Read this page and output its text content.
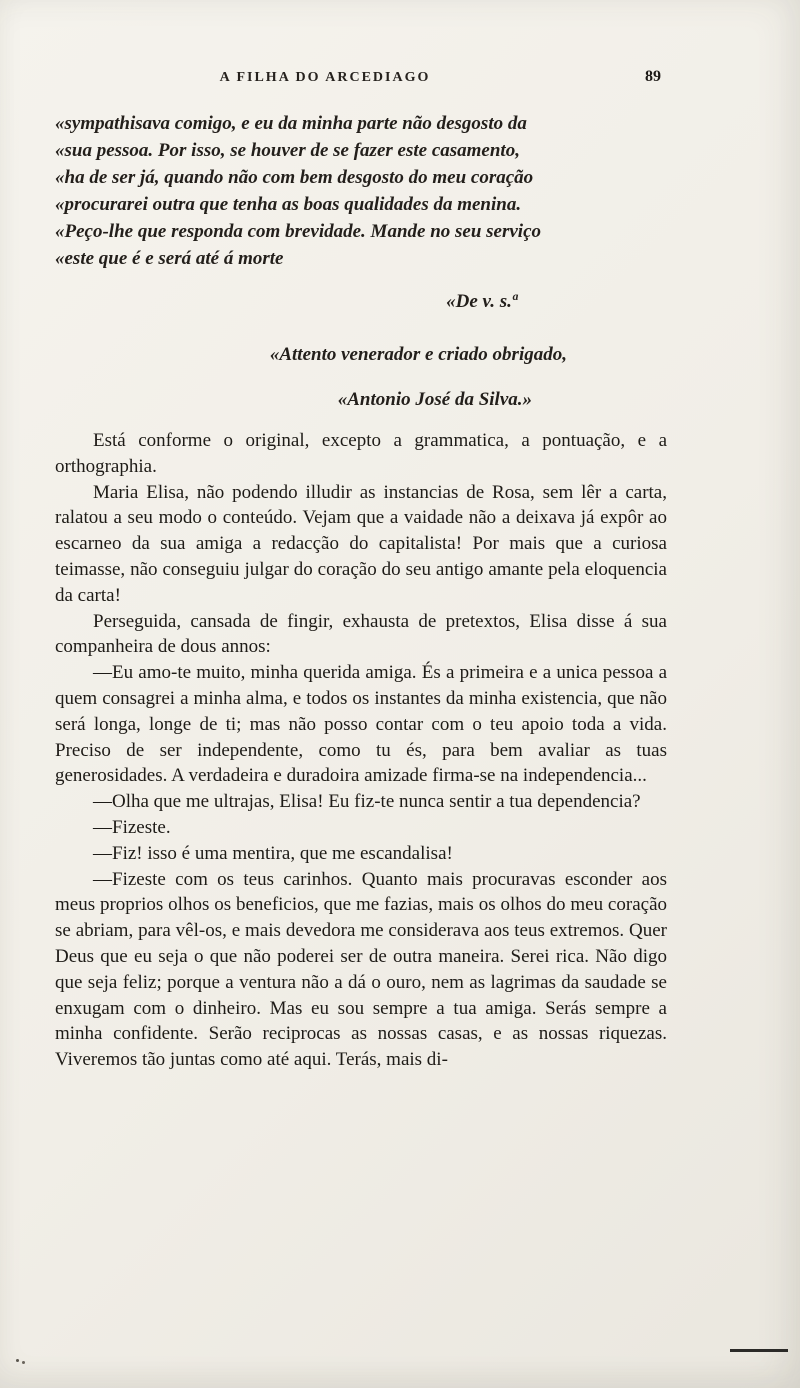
A FILHA DO ARCEDIAGO	89
«sympathisava comigo, e eu da minha parte não desgosto da
«sua pessoa. Por isso, se houver de se fazer este casamento,
«ha de ser já, quando não com bem desgosto do meu coração
«procurarei outra que tenha as boas qualidades da menina.
«Peço-lhe que responda com brevidade. Mande no seu serviço
«este que é e será até á morte
«De v. s.ª
«Attento venerador e criado obrigado,
«Antonio José da Silva.»

Está conforme o original, excepto a grammatica, a pontuação, e a orthographia.

Maria Elisa, não podendo illudir as instancias de Rosa, sem lêr a carta, ralatou a seu modo o conteúdo. Vejam que a vaidade não a deixava já expôr ao escarneo da sua amiga a redacção do capitalista! Por mais que a curiosa teimasse, não conseguiu julgar do coração do seu antigo amante pela eloquencia da carta!

Perseguida, cansada de fingir, exhausta de pretextos, Elisa disse á sua companheira de dous annos:

—Eu amo-te muito, minha querida amiga. És a primeira e a unica pessoa a quem consagrei a minha alma, e todos os instantes da minha existencia, que não será longa, longe de ti; mas não posso contar com o teu apoio toda a vida. Preciso de ser independente, como tu és, para bem avaliar as tuas generosidades. A verdadeira e duradoira amizade firma-se na independencia...

—Olha que me ultrajas, Elisa! Eu fiz-te nunca sentir a tua dependencia?

—Fizeste.

—Fiz! isso é uma mentira, que me escandalisa!

—Fizeste com os teus carinhos. Quanto mais procuravas esconder aos meus proprios olhos os beneficios, que me fazias, mais os olhos do meu coração se abriam, para vêl-os, e mais devedora me considerava aos teus extremos. Quer Deus que eu seja o que não poderei ser de outra maneira. Serei rica. Não digo que seja feliz; porque a ventura não a dá o ouro, nem as lagrimas da saudade se enxugam com o dinheiro. Mas eu sou sempre a tua amiga. Serás sempre a minha confidente. Serão reciprocas as nossas casas, e as nossas riquezas. Viveremos tão juntas como até aqui. Terás, mais di-
